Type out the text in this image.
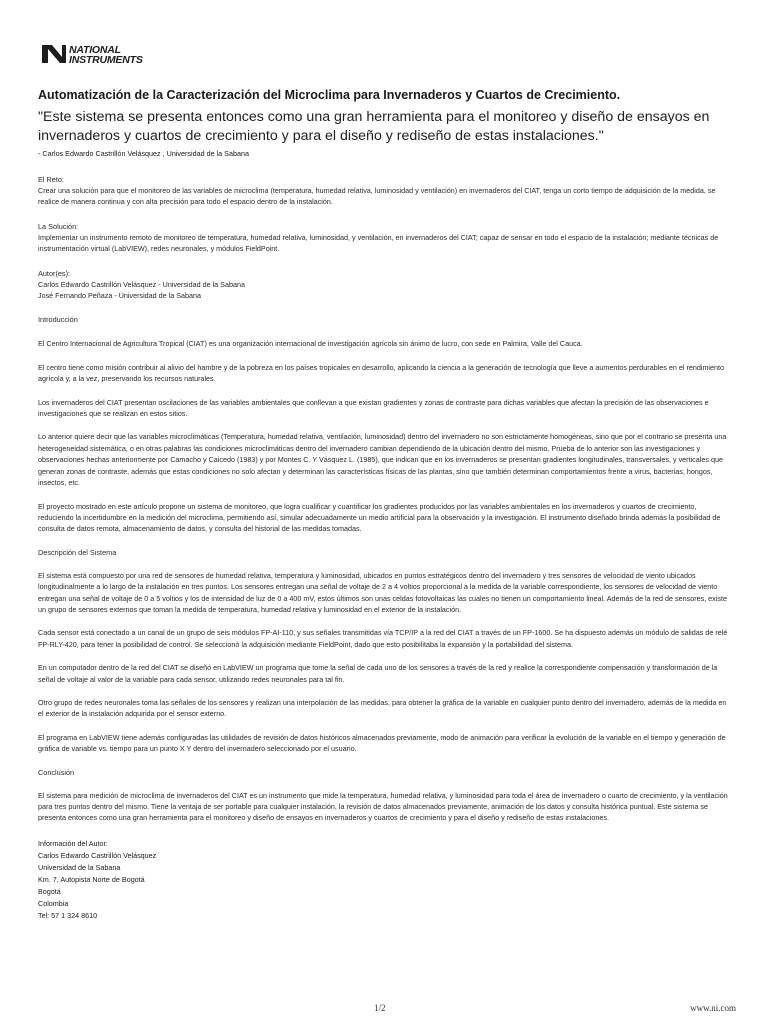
NATIONAL
INSTRUMENTS
Automatización de la Caracterización del Microclima para Invernaderos y Cuartos de Crecimiento.

"Este sistema se presenta entonces como una gran herramienta para el monitoreo y diseño de ensayos en invernaderos y cuartos de crecimiento y para el diseño y rediseño de estas instalaciones."

- Carlos Edwardo Castrillón Velásquez , Universidad de la Sabana

El Reto:

Crear una solución para que el monitoreo de las variables de microclima (temperatura, humedad relativa, luminosidad y ventilación) en invernaderos del CIAT, tenga un corto tiempo de adquisición de la medida, se realice de manera continua y con alta precisión para todo el espacio dentro de la instalación.

La Solución:

Implementar un instrumento remoto de monitoreo de temperatura, humedad relativa, luminosidad, y ventilación, en invernaderos del CIAT; capaz de sensar en todo el espacio de la instalación; mediante técnicas de instrumentación virtual (LabVIEW), redes neuronales, y módulos FieldPoint.

Autor(es):

Carlos Edwardo Castrillón Velásquez - Universidad de la Sabana

José Fernando Peñaza - Universidad de la Sabana

Introducción

El Centro Internacional de Agricultura Tropical (CIAT) es una organización internacional de investigación agrícola sin ánimo de lucro, con sede en Palmira, Valle del Cauca.

El centro tiene como misión contribuir al alivio del hambre y de la pobreza en los países tropicales en desarrollo, aplicando la ciencia a la generación de tecnología que lleve a aumentos perdurables en el rendimiento agrícola y, a la vez, preservando los recursos naturales.

Los invernaderos del CIAT presentan oscilaciones de las variables ambientales que conllevan a que existan gradientes y zonas de contraste para dichas variables que afectan la precisión de las observaciones e investigaciones que se realizan en estos sitios.

Lo anterior quiere decir que las variables microclimáticas (Temperatura, humedad relativa, ventilación, luminosidad) dentro del invernadero no son estrictamente homogéneas, sino que por el contrario se presenta una heterogeneidad sistemática, o en otras palabras las condiciones microclimáticas dentro del invernadero cambian dependiendo de la ubicación dentro del mismo. Prueba de lo anterior son las investigaciones y observaciones hechas anteriormente por Camacho y Caicedo (1983) y por Montes C. Y Vásquez L. (1985), que indican que en los invernaderos se presentan gradientes longitudinales, transversales, y verticales que generan zonas de contraste, además que estas condiciones no solo afectan y determinan las características físicas de las plantas, sino que también determinan comportamientos frente a virus, bacterias, hongos, insectos, etc.

El proyecto mostrado en este artículo propone un sistema de monitoreo, que logra cualificar y cuantificar los gradientes producidos por las variables ambientales en los invernaderos y cuartos de crecimiento, reduciendo la incertidumbre en la medición del microclima, permitiendo así, simular adecuadamente un medio artificial para la observación y la investigación. El instrumento diseñado brinda además la posibilidad de consulta de datos remota, almacenamiento de datos, y consulta del historial de las medidas tomadas.

Descripción del Sistema

El sistema está compuesto por una red de sensores de humedad relativa, temperatura y luminosidad, ubicados en puntos estratégicos dentro del invernadero y tres sensores de velocidad de viento ubicados longitudinalmente a lo largo de la instalación en tres puntos. Los sensores entregan una señal de voltaje de 2 a 4 voltios proporcional a la medida de la variable correspondiente, los sensores de velocidad de viento entregan una señal de voltaje de 0 a 5 voltios y los de intensidad de luz de 0 a 400 mV, estos últimos son unas celdas fotovoltaicas las cuales no tienen un comportamiento lineal. Además de la red de sensores, existe un grupo de sensores externos que toman la medida de temperatura, humedad relativa y luminosidad en el exterior de la instalación.

Cada sensor está conectado a un canal de un grupo de seis módulos FP-AI-110, y sus señales transmitidas vía TCP/IP a la red del CIAT a través de un FP-1600. Se ha dispuesto además un módulo de salidas de relé FP-RLY-420, para tener la posibilidad de control. Se seleccionó la adquisición mediante FieldPoint, dado que esto posibilitaba la expansión y la portabilidad del sistema.

En un computador dentro de la red del CIAT se diseñó en LabVIEW un programa que tome la señal de cada uno de los sensores a través de la red y realice la correspondiente compensación y transformación de la señal de voltaje al valor de la variable para cada sensor, utilizando redes neuronales para tal fin.

Otro grupo de redes neuronales toma las señales de los sensores y realizan una interpolación de las medidas, para obtener la gráfica de la variable en cualquier punto dentro del invernadero, además de la medida en el exterior de la instalación adquirida por el sensor externo.

El programa en LabVIEW tiene además configuradas las utilidades de revisión de datos históricos almacenados previamente, modo de animación para verificar la evolución de la variable en el tiempo y generación de gráfica de variable vs. tiempo para un punto X Y dentro del invernadero seleccionado por el usuario.

Conclusión

El sistema para medición de microclima de invernaderos del CIAT es un instrumento que mide la temperatura, humedad relativa, y luminosidad para toda el área de invernadero o cuarto de crecimiento, y la ventilación para tres puntos dentro del mismo. Tiene la ventaja de ser portable para cualquier instalación, la revisión de datos almacenados previamente, animación de los datos y consulta histórica puntual. Este sistema se presenta entonces como una gran herramienta para el monitoreo y diseño de ensayos en invernaderos y cuartos de crecimiento y para el diseño y rediseño de estas instalaciones.

Información del Autor:

Carlos Edwardo Castrillón Velásquez

Universidad de la Sabana

Km. 7, Autopista Norte de Bogotá

Bogotá

Colombia

Tel: 57 1 324 8610

1/2	www.ni.com
